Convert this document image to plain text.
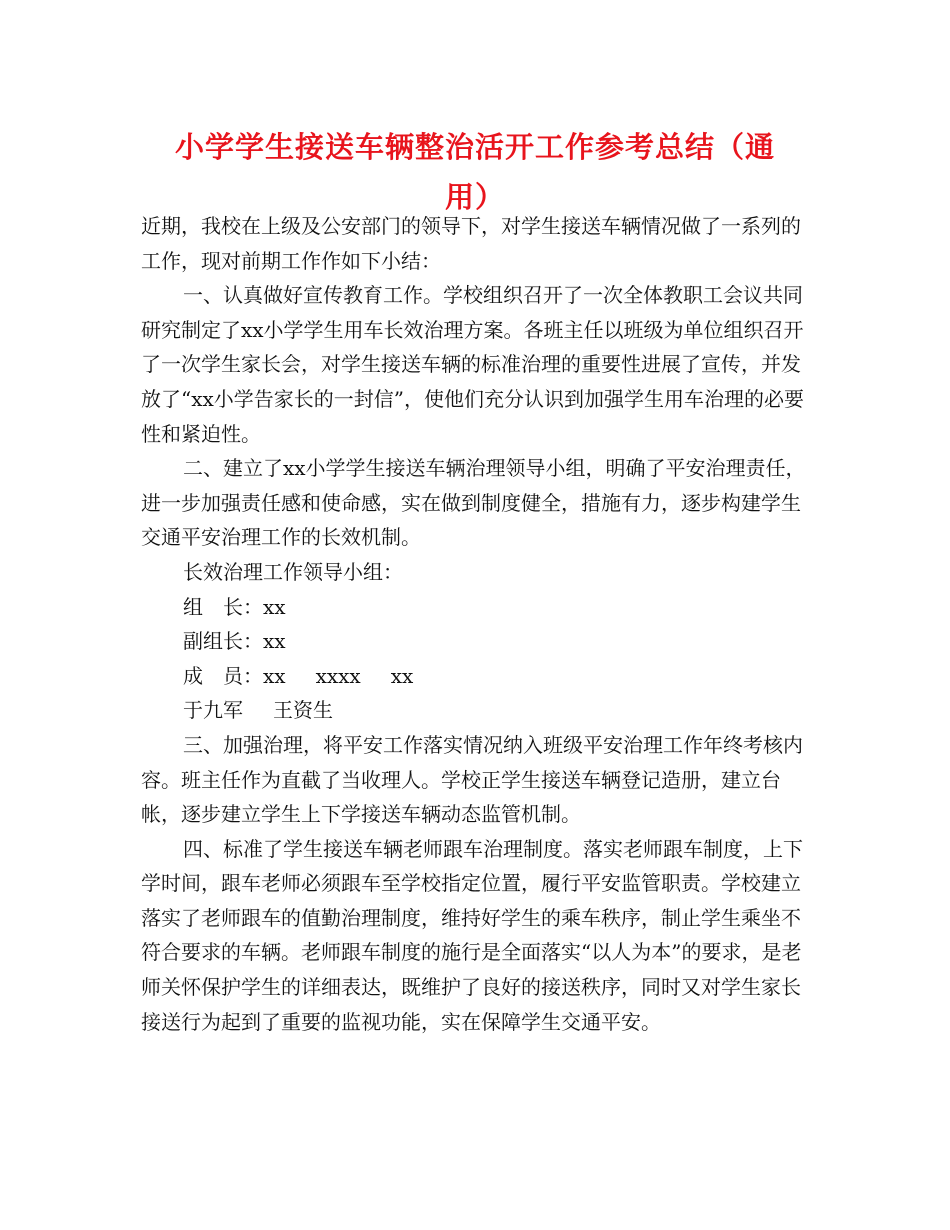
小学学生接送车辆整治活开工作参考总结（通
用）

近期，我校在上级及公安部门的领导下，对学生接送车辆情况做了一系列的工作，现对前期工作作如下小结：

一、认真做好宣传教育工作。学校组织召开了一次全体教职工会议共同研究制定了xx小学学生用车长效治理方案。各班主任以班级为单位组织召开了一次学生家长会，对学生接送车辆的标准治理的重要性进展了宣传，并发放了“xx小学告家长的一封信”，使他们充分认识到加强学生用车治理的必要性和紧迫性。

二、建立了xx小学学生接送车辆治理领导小组，明确了平安治理责任，进一步加强责任感和使命感，实在做到制度健全，措施有力，逐步构建学生交通平安治理工作的长效机制。

长效治理工作领导小组：

组　长：xx

副组长：xx

成　员：xx xxxx xx

于九军 王资生

三、加强治理，将平安工作落实情况纳入班级平安治理工作年终考核内容。班主任作为直截了当收理人。学校正学生接送车辆登记造册，建立台帐，逐步建立学生上下学接送车辆动态监管机制。

四、标准了学生接送车辆老师跟车治理制度。落实老师跟车制度，上下学时间，跟车老师必须跟车至学校指定位置，履行平安监管职责。学校建立落实了老师跟车的值勤治理制度，维持好学生的乘车秩序，制止学生乘坐不符合要求的车辆。老师跟车制度的施行是全面落实“以人为本”的要求，是老师关怀保护学生的详细表达，既维护了良好的接送秩序，同时又对学生家长接送行为起到了重要的监视功能，实在保障学生交通平安。
